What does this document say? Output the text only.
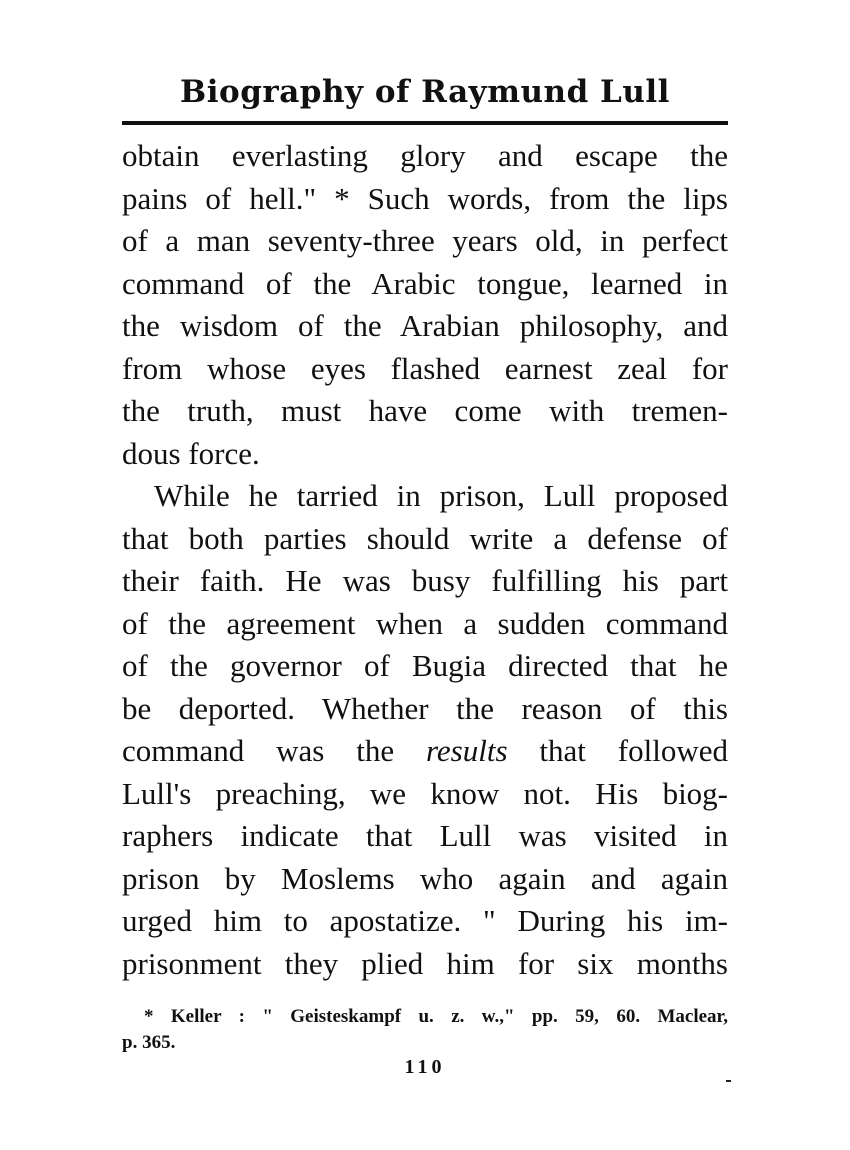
Biography of Raymund Lull

obtain everlasting glory and escape the
pains of hell." * Such words, from the lips
of a man seventy-three years old, in perfect
command of the Arabic tongue, learned in
the wisdom of the Arabian philosophy, and
from whose eyes flashed earnest zeal for
the truth, must have come with tremen-
dous force.

While he tarried in prison, Lull proposed
that both parties should write a defense of
their faith. He was busy fulfilling his part
of the agreement when a sudden command
of the governor of Bugia directed that he
be deported. Whether the reason of this
command was the results that followed
Lull's preaching, we know not. His biog-
raphers indicate that Lull was visited in
prison by Moslems who again and again
urged him to apostatize. " During his im-
prisonment they plied him for six months

* Keller : " Geisteskampf u. z. w.," pp. 59, 60. Maclear,
p. 365.
110
